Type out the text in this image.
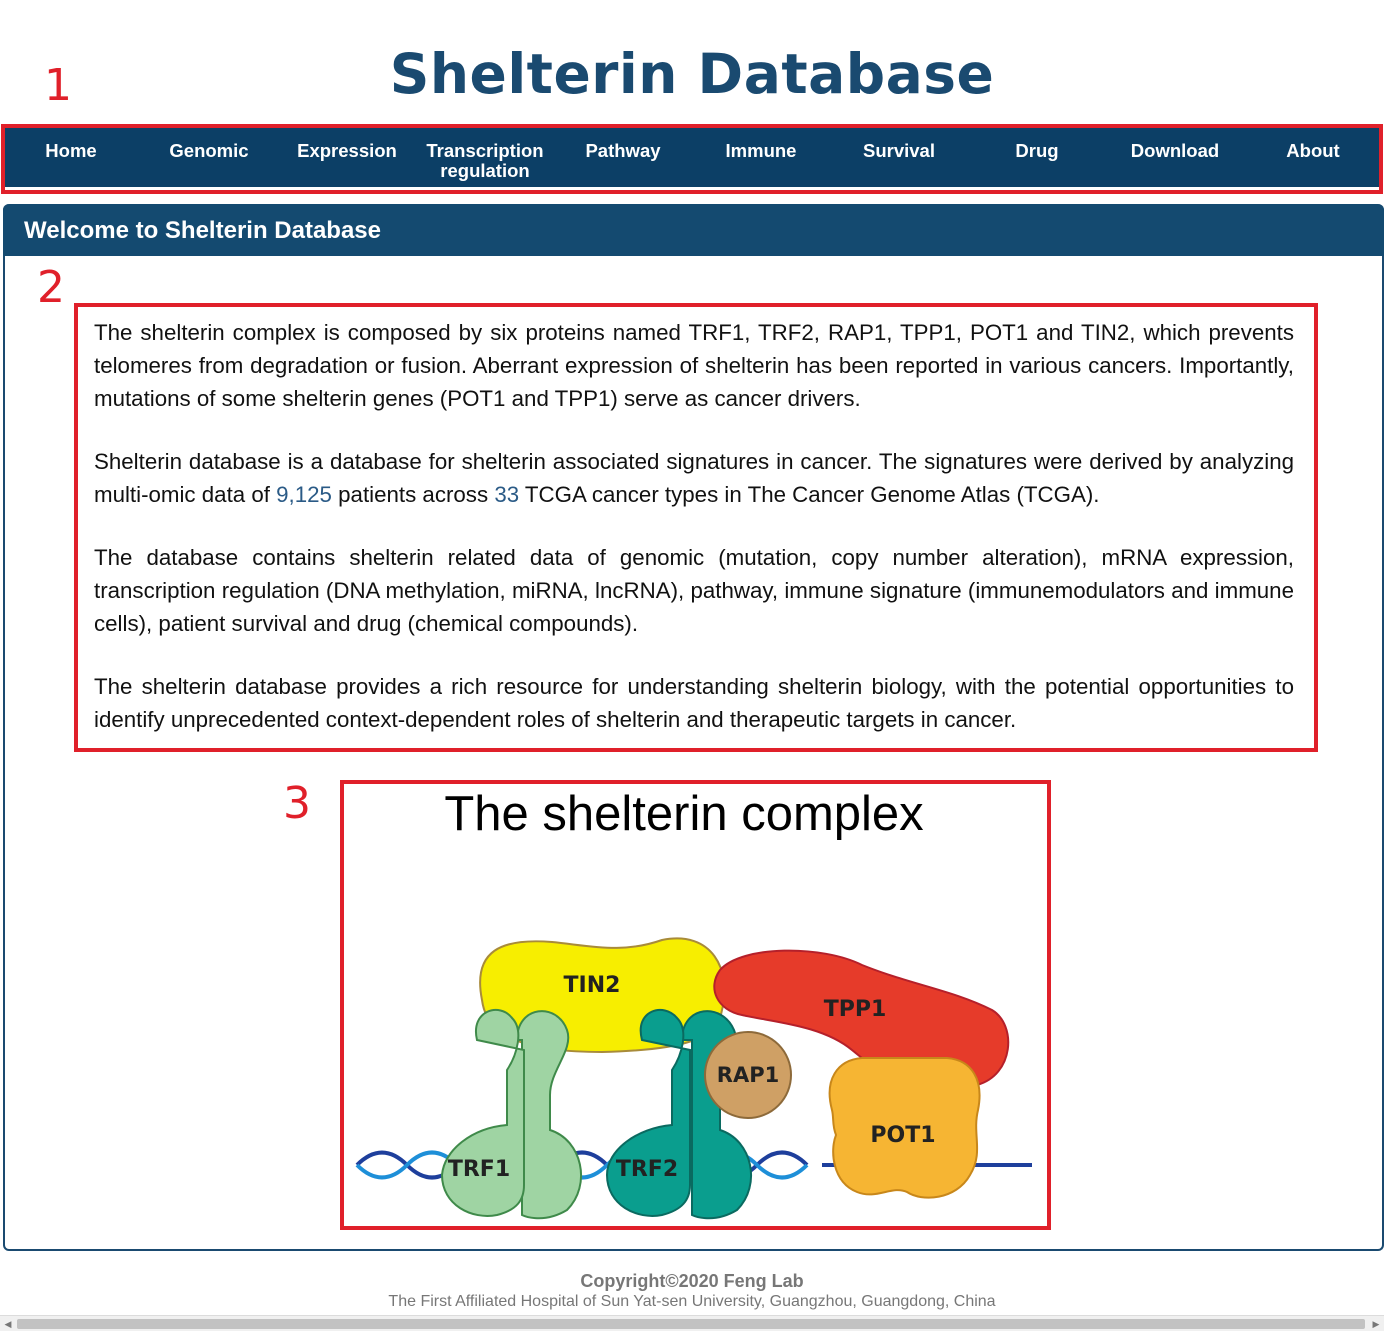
Shelterin Database
1
2
3
Home	Genomic	Expression	Transcription regulation
Pathway	Immune	Survival	Drug	Download	About
Welcome to Shelterin Database

The shelterin complex is composed by six proteins named TRF1, TRF2, RAP1, TPP1, POT1 and TIN2, which prevents telomeres from degradation or fusion. Aberrant expression of shelterin has been reported in various cancers. Importantly, mutations of some shelterin genes (POT1 and TPP1) serve as cancer drivers.

Shelterin database is a database for shelterin associated signatures in cancer. The signatures were derived by analyzing multi-omic data of 9,125 patients across 33 TCGA cancer types in The Cancer Genome Atlas (TCGA).

The database contains shelterin related data of genomic (mutation, copy number alteration), mRNA expression, transcription regulation (DNA methylation, miRNA, lncRNA), pathway, immune signature (immunemodulators and immune cells), patient survival and drug (chemical compounds).

The shelterin database provides a rich resource for understanding shelterin biology, with the potential opportunities to identify unprecedented context-dependent roles of shelterin and therapeutic targets in cancer.

The shelterin complex
TIN2
TPP1
RAP1
POT1
TRF1	TRF2
Copyright©2020 Feng Lab
The First Affiliated Hospital of Sun Yat-sen University, Guangzhou, Guangdong, China
◀	▶
